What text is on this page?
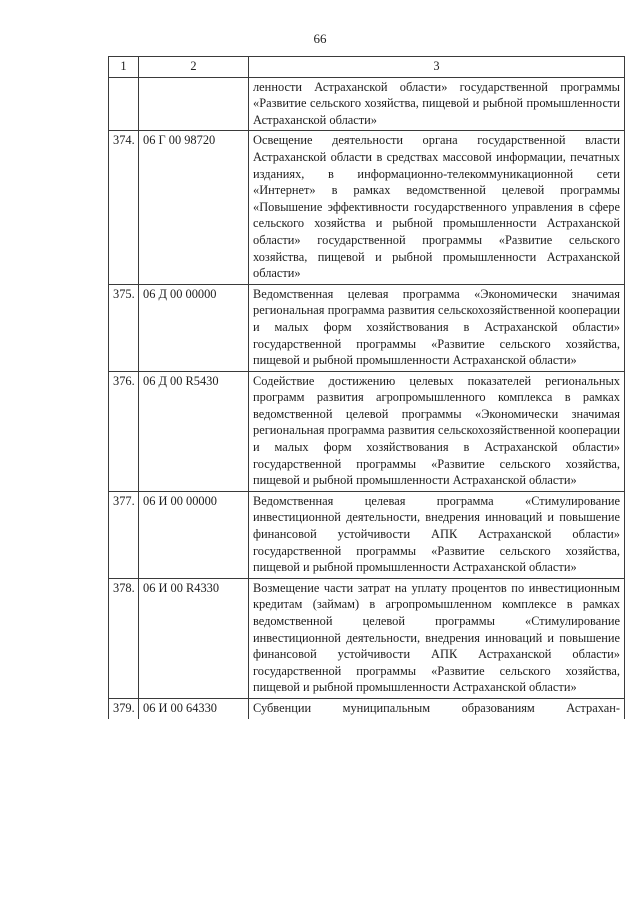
66
1	2	3
		ленности Астраханской области» государственной программы «Развитие сельского хозяйства, пищевой и рыбной промышленности Астраханской области»
374.	06 Г 00 98720	Освещение деятельности органа государственной власти Астраханской области в средствах массовой информации, печатных изданиях, в информационно-телекоммуникационной сети «Интернет» в рамках ведомственной целевой программы «Повышение эффективности государственного управления в сфере сельского хозяйства и рыбной промышленности Астраханской области» государственной программы «Развитие сельского хозяйства, пищевой и рыбной промышленности Астраханской области»
375.	06 Д 00 00000	Ведомственная целевая программа «Экономически значимая региональная программа развития сельскохозяйственной кооперации и малых форм хозяйствования в Астраханской области» государственной программы «Развитие сельского хозяйства, пищевой и рыбной промышленности Астраханской области»
376.	06 Д 00 R5430	Содействие достижению целевых показателей региональных программ развития агропромышленного комплекса в рамках ведомственной целевой программы «Экономически значимая региональная программа развития сельскохозяйственной кооперации и малых форм хозяйствования в Астраханской области» государственной программы «Развитие сельского хозяйства, пищевой и рыбной промышленности Астраханской области»
377.	06 И 00 00000	Ведомственная целевая программа «Стимулирование инвестиционной деятельности, внедрения инноваций и повышение финансовой устойчивости АПК Астраханской области» государственной программы «Развитие сельского хозяйства, пищевой и рыбной промышленности Астраханской области»
378.	06 И 00 R4330	Возмещение части затрат на уплату процентов по инвестиционным кредитам (займам) в агропромышленном комплексе в рамках ведомственной целевой программы «Стимулирование инвестиционной деятельности, внедрения инноваций и повышение финансовой устойчивости АПК Астраханской области» государственной программы «Развитие сельского хозяйства, пищевой и рыбной промышленности Астраханской области»
379.	06 И 00 64330	Субвенции муниципальным образованиям Астрахан-
